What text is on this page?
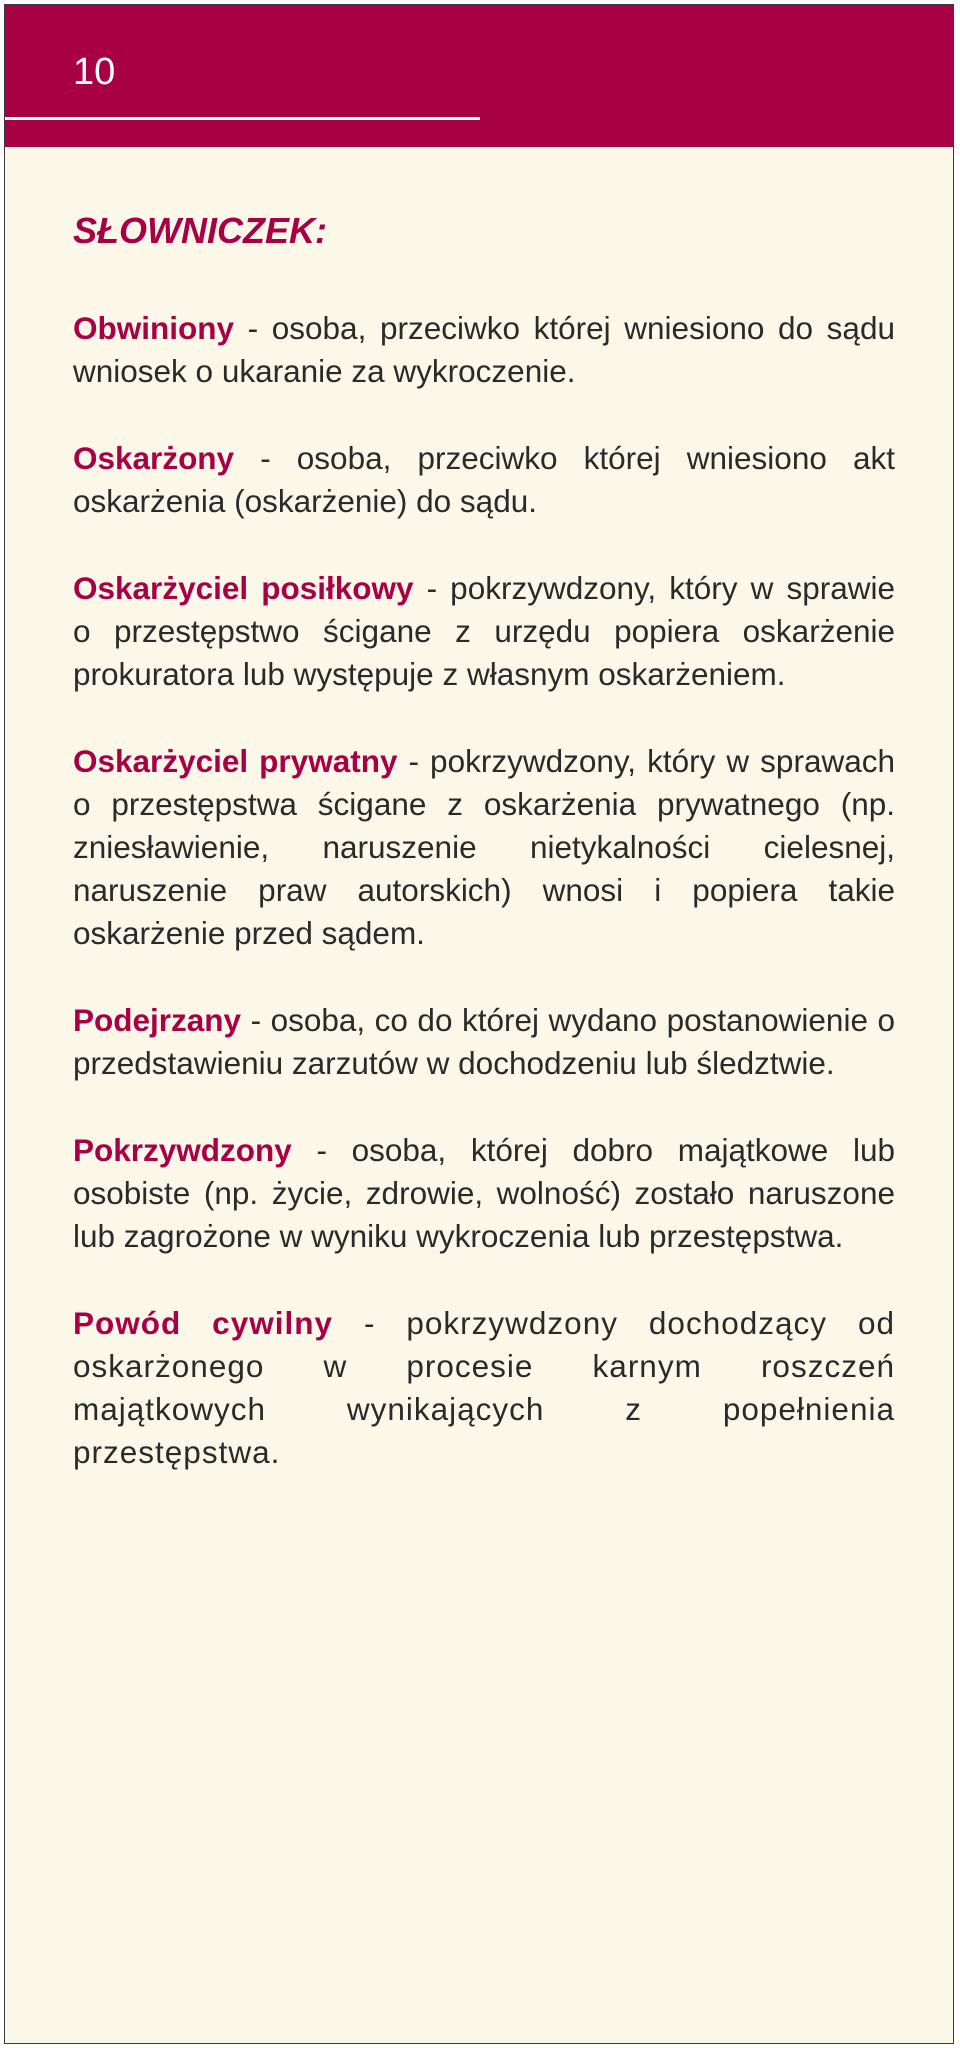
10
SŁOWNICZEK:
Obwiniony - osoba, przeciwko której wniesiono do sądu wniosek o ukaranie za wykroczenie.
Oskarżony - osoba, przeciwko której wniesiono akt oskarżenia (oskarżenie) do sądu.
Oskarżyciel posiłkowy - pokrzywdzony, który w sprawie o przestępstwo ścigane z urzędu popiera oskarżenie prokuratora lub występuje z własnym oskarżeniem.
Oskarżyciel prywatny - pokrzywdzony, który w sprawach o przestępstwa ścigane z oskarżenia prywatnego (np. zniesławienie, naruszenie nietykalności cielesnej, naruszenie praw autorskich) wnosi i popiera takie oskarżenie przed sądem.
Podejrzany - osoba, co do której wydano postanowienie o przedstawieniu zarzutów w dochodzeniu lub śledztwie.
Pokrzywdzony - osoba, której dobro majątkowe lub osobiste (np. życie, zdrowie, wolność) zostało naruszone lub zagrożone w wyniku wykroczenia lub przestępstwa.
Powód cywilny - pokrzywdzony dochodzący od oskarżonego w procesie karnym roszczeń majątkowych wynikających z popełnienia przestępstwa.
